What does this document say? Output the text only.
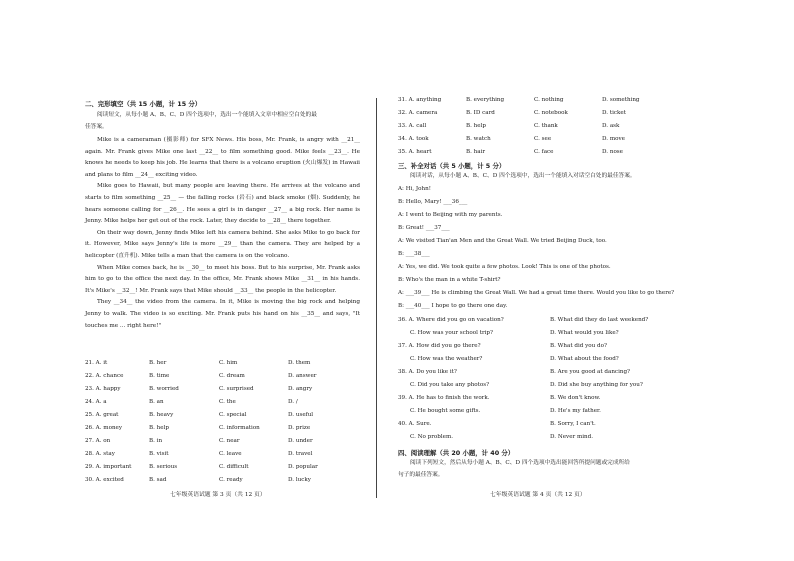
二、完形填空（共 15 小题，计 15 分）

阅读短文，从每小题 A、B、C、D 四个选项中，选出一个能填入文章中相应空白处的最

佳答案。

Mike is a cameraman (摄影师) for SFX News. His boss, Mr. Frank, is angry with __21__ again. Mr. Frank gives Mike one last __22__ to film something good. Mike feels __23__. He knows he needs to keep his job. He learns that there is a volcano eruption (火山爆发) in Hawaii and plans to film __24__ exciting video.

Mike goes to Hawaii, but many people are leaving there. He arrives at the volcano and starts to film something __25__ — the falling rocks (岩石) and black smoke (烟). Suddenly, he hears someone calling for __26__. He sees a girl is in danger __27__ a big rock. Her name is Jenny. Mike helps her get out of the rock. Later, they decide to __28__ there together.

On their way down, Jenny finds Mike left his camera behind. She asks Mike to go back for it. However, Mike says Jenny's life is more __29__ than the camera. They are helped by a helicopter (直升机). Mike tells a man that the camera is on the volcano.

When Mike comes back, he is __30__ to meet his boss. But to his surprise, Mr. Frank asks him to go to the office the next day. In the office, Mr. Frank shows Mike __31__ in his hands. It's Mike's __32__! Mr. Frank says that Mike should __33__ the people in the helicopter.

They __34__ the video from the camera. In it, Mike is moving the big rock and helping Jenny to walk. The video is so exciting. Mr. Frank puts his hand on his __35__ and says, "It touches me ... right here!"

21. A. it	B. her	C. him	D. them
22. A. chance	B. time	C. dream	D. answer
23. A. happy	B. worried	C. surprised	D. angry
24. A. a	B. an	C. the	D. /
25. A. great	B. heavy	C. special	D. useful
26. A. money	B. help	C. information	D. prize
27. A. on	B. in	C. near	D. under
28. A. stay	B. visit	C. leave	D. travel
29. A. important	B. serious	C. difficult	D. popular
30. A. excited	B. sad	C. ready	D. lucky
七年级英语试题 第 3 页（共 12 页）
31. A. anything	B. everything	C. nothing	D. something
32. A. camera	B. ID card	C. notebook	D. ticket
33. A. call	B. help	C. thank	D. ask
34. A. took	B. watch	C. see	D. move
35. A. heart	B. hair	C. face	D. nose
三、补全对话（共 5 小题，计 5 分）

阅读对话，从每小题 A、B、C、D 四个选项中，选出一个能填入对话空白处的最佳答案。

A: Hi, John!
B: Hello, Mary! ___36___
A: I went to Beijing with my parents.
B: Great! ___37___
A: We visited Tian'an Men and the Great Wall. We tried Beijing Duck, too.
B: ___38___
A: Yes, we did. We took quite a few photos. Look! This is one of the photos.
B: Who's the man in a white T-shirt?
A: ___39___ He is climbing the Great Wall. We had a great time there. Would you like to go there?
B: ___40___ I hope to go there one day.
36. A. Where did you go on vacation?	B. What did they do last weekend?
C. How was your school trip?	D. What would you like?
37. A. How did you go there?	B. What did you do?
C. How was the weather?	D. What about the food?
38. A. Do you like it?	B. Are you good at dancing?
C. Did you take any photos?	D. Did she buy anything for you?
39. A. He has to finish the work.	B. We don't know.
C. He bought some gifts.	D. He's my father.
40. A. Sure.	B. Sorry, I can't.
C. No problem.	D. Never mind.
四、阅读理解（共 20 小题，计 40 分）

阅读下列短文，然后从每小题 A、B、C、D 四个选项中选出能回答所提问题或完成所给

句子的最佳答案。

七年级英语试题 第 4 页（共 12 页）
